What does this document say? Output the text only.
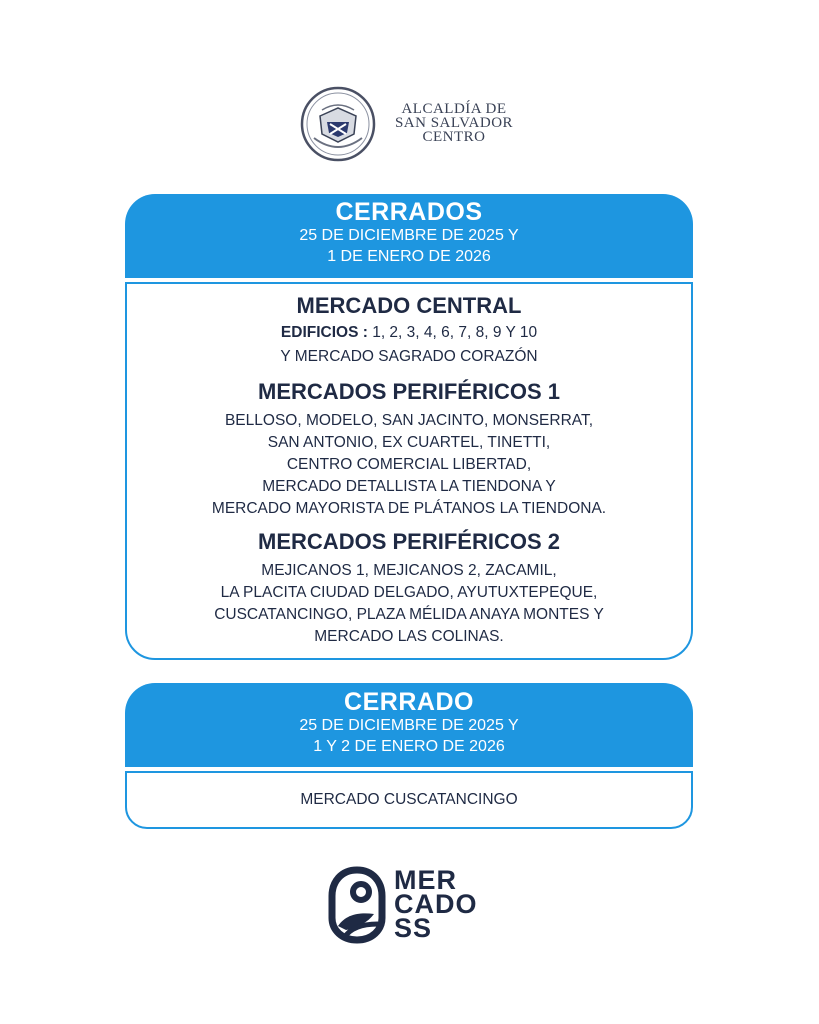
ALCALDÍA DE
SAN SALVADOR
CENTRO
CERRADOS
25 DE DICIEMBRE DE 2025 Y
1 DE ENERO DE 2026
MERCADO CENTRAL
EDIFICIOS : 1, 2, 3, 4, 6, 7, 8, 9 Y 10
Y MERCADO SAGRADO CORAZÓN
MERCADOS PERIFÉRICOS 1
BELLOSO, MODELO, SAN JACINTO, MONSERRAT,
SAN ANTONIO, EX CUARTEL, TINETTI,
CENTRO COMERCIAL LIBERTAD,
MERCADO DETALLISTA LA TIENDONA Y
MERCADO MAYORISTA DE PLÁTANOS LA TIENDONA.
MERCADOS PERIFÉRICOS 2
MEJICANOS 1, MEJICANOS 2, ZACAMIL,
LA PLACITA CIUDAD DELGADO, AYUTUXTEPEQUE,
CUSCATANCINGO, PLAZA MÉLIDA ANAYA MONTES Y
MERCADO LAS COLINAS.
CERRADO
25 DE DICIEMBRE DE 2025 Y
1 Y 2 DE ENERO DE 2026
MERCADO CUSCATANCINGO
MER
CADO
SS
